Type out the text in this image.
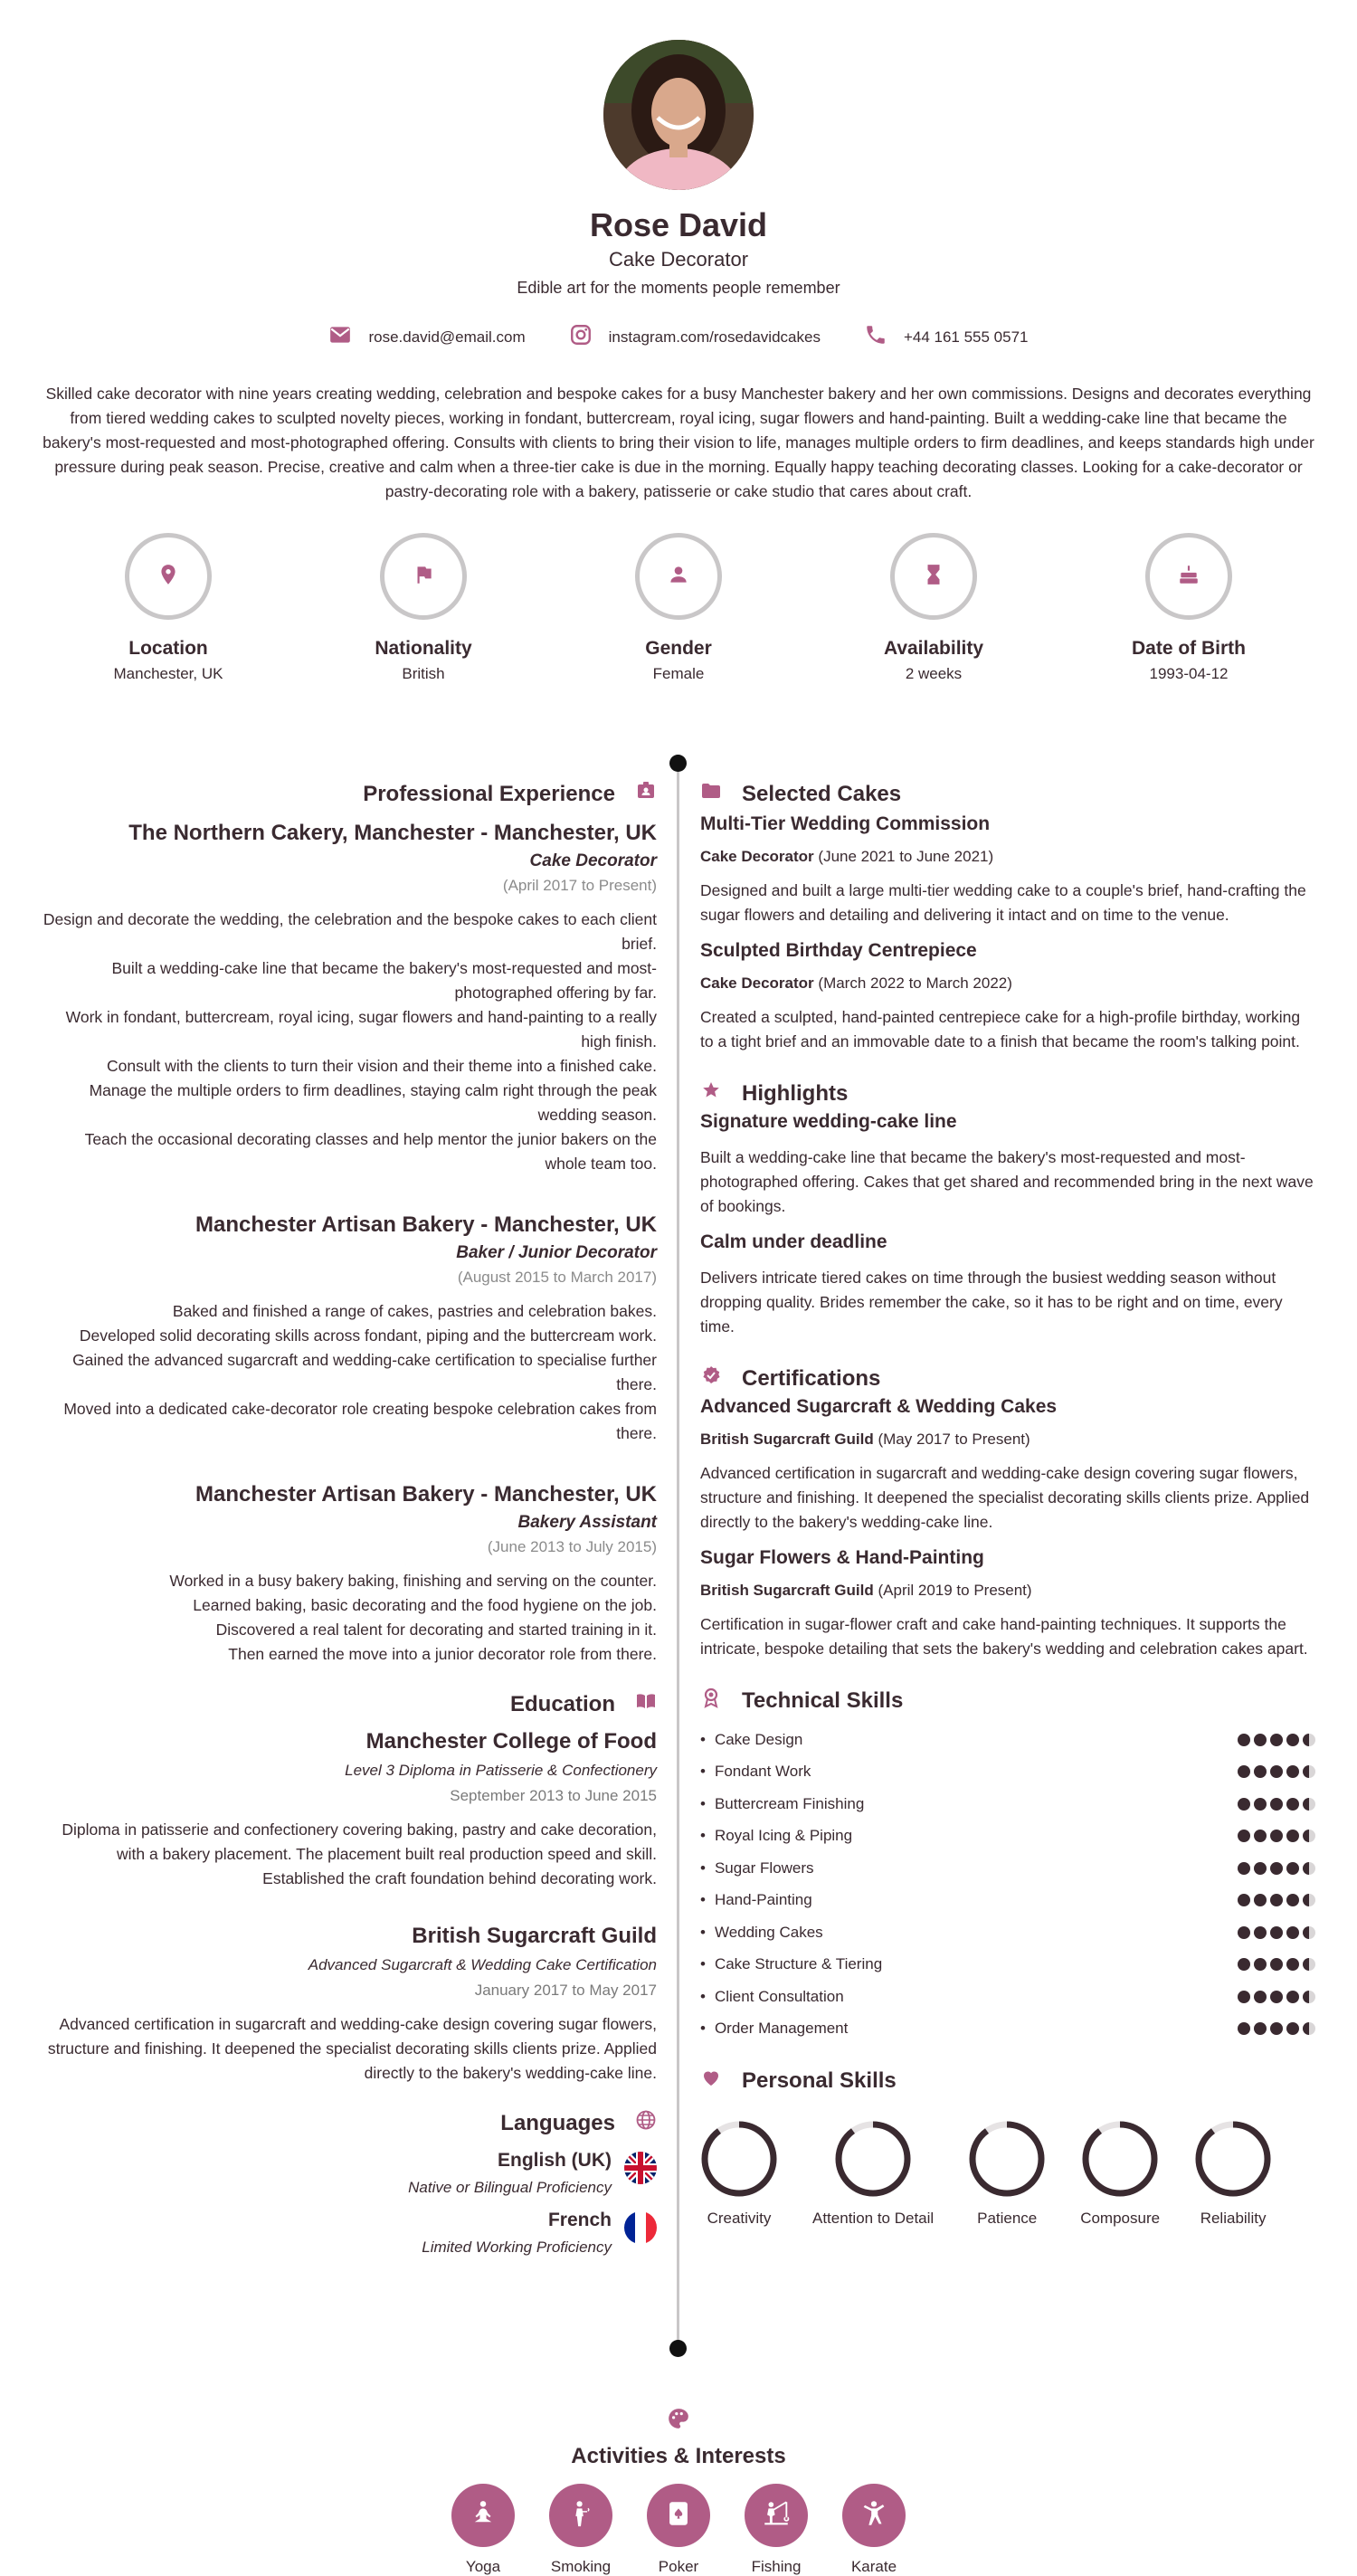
Rose David
Cake Decorator
Edible art for the moments people remember
rose.david@email.com	instagram.com/rosedavidcakes	+44 161 555 0571

Skilled cake decorator with nine years creating wedding, celebration and bespoke cakes for a busy Manchester bakery and her own commissions. Designs and decorates everything from tiered wedding cakes to sculpted novelty pieces, working in fondant, buttercream, royal icing, sugar flowers and hand-painting. Built a wedding-cake line that became the bakery's most-requested and most-photographed offering. Consults with clients to bring their vision to life, manages multiple orders to firm deadlines, and keeps standards high under pressure during peak season. Precise, creative and calm when a three-tier cake is due in the morning. Equally happy teaching decorating classes. Looking for a cake-decorator or pastry-decorating role with a bakery, patisserie or cake studio that cares about craft.

Location
Manchester, UK
Nationality
British
Gender
Female
Availability
2 weeks
Date of Birth
1993-04-12
Professional Experience
The Northern Cakery, Manchester - Manchester, UK
Cake Decorator
(April 2017 to Present)
Design and decorate the wedding, the celebration and the bespoke cakes to each client brief.
Built a wedding-cake line that became the bakery's most-requested and most-photographed offering by far.
Work in fondant, buttercream, royal icing, sugar flowers and hand-painting to a really high finish.
Consult with the clients to turn their vision and their theme into a finished cake.
Manage the multiple orders to firm deadlines, staying calm right through the peak wedding season.
Teach the occasional decorating classes and help mentor the junior bakers on the whole team too.
Manchester Artisan Bakery - Manchester, UK
Baker / Junior Decorator
(August 2015 to March 2017)
Baked and finished a range of cakes, pastries and celebration bakes.
Developed solid decorating skills across fondant, piping and the buttercream work.
Gained the advanced sugarcraft and wedding-cake certification to specialise further there.
Moved into a dedicated cake-decorator role creating bespoke celebration cakes from there.
Manchester Artisan Bakery - Manchester, UK
Bakery Assistant
(June 2013 to July 2015)
Worked in a busy bakery baking, finishing and serving on the counter.
Learned baking, basic decorating and the food hygiene on the job.
Discovered a real talent for decorating and started training in it.
Then earned the move into a junior decorator role from there.
Education
Manchester College of Food
Level 3 Diploma in Patisserie & Confectionery
September 2013 to June 2015
Diploma in patisserie and confectionery covering baking, pastry and cake decoration, with a bakery placement. The placement built real production speed and skill. Established the craft foundation behind decorating work.
British Sugarcraft Guild
Advanced Sugarcraft & Wedding Cake Certification
January 2017 to May 2017
Advanced certification in sugarcraft and wedding-cake design covering sugar flowers, structure and finishing. It deepened the specialist decorating skills clients prize. Applied directly to the bakery's wedding-cake line.
Languages
English (UK)
Native or Bilingual Proficiency
French
Limited Working Proficiency
Selected Cakes
Multi-Tier Wedding Commission
Cake Decorator (June 2021 to June 2021)
Designed and built a large multi-tier wedding cake to a couple's brief, hand-crafting the sugar flowers and detailing and delivering it intact and on time to the venue.
Sculpted Birthday Centrepiece
Cake Decorator (March 2022 to March 2022)
Created a sculpted, hand-painted centrepiece cake for a high-profile birthday, working to a tight brief and an immovable date to a finish that became the room's talking point.
Highlights
Signature wedding-cake line
Built a wedding-cake line that became the bakery's most-requested and most-photographed offering. Cakes that get shared and recommended bring in the next wave of bookings.
Calm under deadline
Delivers intricate tiered cakes on time through the busiest wedding season without dropping quality. Brides remember the cake, so it has to be right and on time, every time.
Certifications
Advanced Sugarcraft & Wedding Cakes
British Sugarcraft Guild (May 2017 to Present)
Advanced certification in sugarcraft and wedding-cake design covering sugar flowers, structure and finishing. It deepened the specialist decorating skills clients prize. Applied directly to the bakery's wedding-cake line.
Sugar Flowers & Hand-Painting
British Sugarcraft Guild (April 2019 to Present)
Certification in sugar-flower craft and cake hand-painting techniques. It supports the intricate, bespoke detailing that sets the bakery's wedding and celebration cakes apart.
Technical Skills
• Cake Design
• Fondant Work
• Buttercream Finishing
• Royal Icing & Piping
• Sugar Flowers
• Hand-Painting
• Wedding Cakes
• Cake Structure & Tiering
• Client Consultation
• Order Management
Personal Skills
Creativity	Attention to Detail	Patience	Composure	Reliability
Activities & Interests
Yoga	Smoking	Poker	Fishing	Karate
